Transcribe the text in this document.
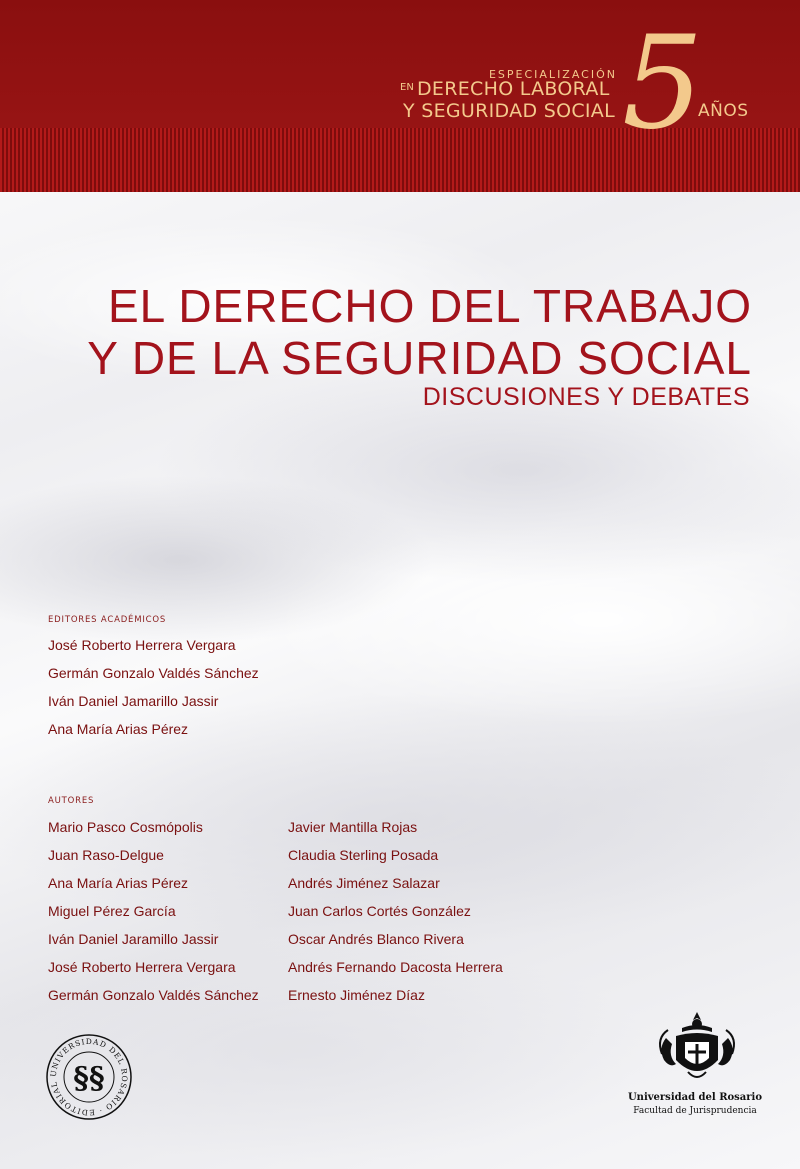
ESPECIALIZACIÓN
EN DERECHO LABORAL
Y SEGURIDAD SOCIAL 5
AÑOS
EL DERECHO DEL TRABAJO
Y DE LA SEGURIDAD SOCIAL
DISCUSIONES Y DEBATES
EDITORES ACADÉMICOS
José Roberto Herrera Vergara
Germán Gonzalo Valdés Sánchez
Iván Daniel Jamarillo Jassir
Ana María Arias Pérez
AUTORES
Mario Pasco Cosmópolis
Juan Raso-Delgue
Ana María Arias Pérez
Miguel Pérez García
Iván Daniel Jaramillo Jassir
José Roberto Herrera Vergara
Germán Gonzalo Valdés Sánchez
Javier Mantilla Rojas
Claudia Sterling Posada
Andrés Jiménez Salazar
Juan Carlos Cortés González
Oscar Andrés Blanco Rivera
Andrés Fernando Dacosta Herrera
Ernesto Jiménez Díaz
UNIVERSIDAD DEL ROSARIO · EDITORIAL §§
Universidad del Rosario
Facultad de Jurisprudencia
